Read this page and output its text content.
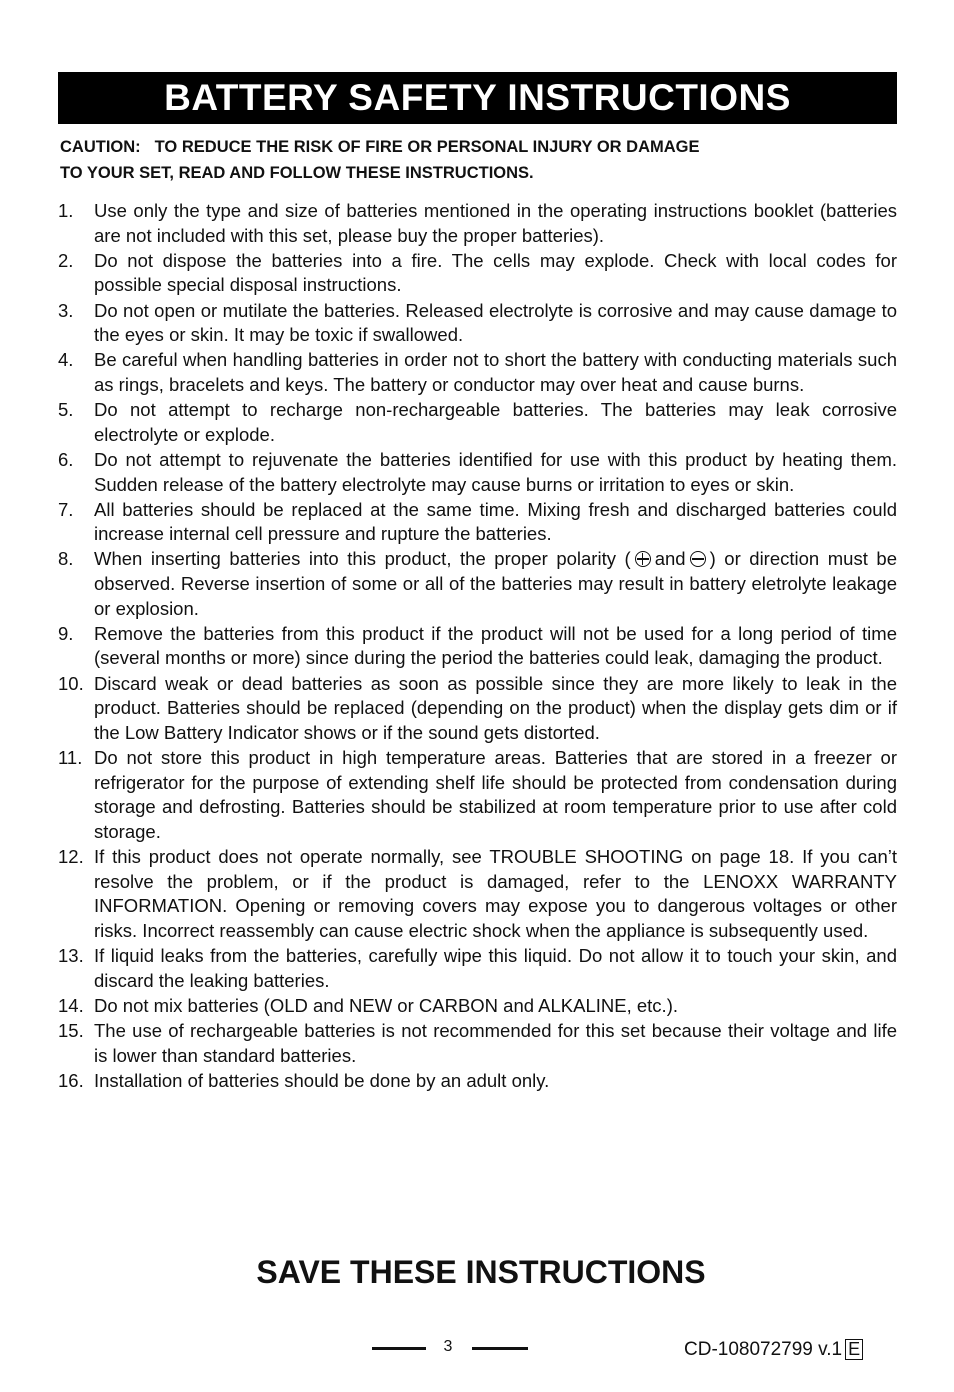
BATTERY SAFETY INSTRUCTIONS
CAUTION: TO REDUCE THE RISK OF FIRE OR PERSONAL INJURY OR DAMAGE
TO YOUR SET, READ AND FOLLOW THESE INSTRUCTIONS.
1.	Use only the type and size of batteries mentioned in the operating instructions booklet (batteries are not included with this set, please buy the proper batteries).
2.	Do not dispose the batteries into a fire. The cells may explode. Check with local codes for possible special disposal instructions.
3.	Do not open or mutilate the batteries. Released electrolyte is corrosive and may cause damage to the eyes or skin. It may be toxic if swallowed.
4.	Be careful when handling batteries in order not to short the battery with conducting materials such as rings, bracelets and keys. The battery or conductor may over heat and cause burns.
5.	Do not attempt to recharge non-rechargeable batteries. The batteries may leak corrosive electrolyte or explode.
6.	Do not attempt to rejuvenate the batteries identified for use with this product by heating them. Sudden release of the battery electrolyte may cause burns or irritation to eyes or skin.
7.	All batteries should be replaced at the same time. Mixing fresh and discharged batteries could increase internal cell pressure and rupture the batteries.
8.	When inserting batteries into this product, the proper polarity ( and ) or direction must be observed. Reverse insertion of some or all of the batteries may result in battery eletrolyte leakage or explosion.
9.	Remove the batteries from this product if the product will not be used for a long period of time (several months or more) since during the period the batteries could leak, damaging the product.
10. Discard weak or dead batteries as soon as possible since they are more likely to leak in the product. Batteries should be replaced (depending on the product) when the display gets dim or if the Low Battery Indicator shows or if the sound gets distorted.
11. Do not store this product in high temperature areas. Batteries that are stored in a freezer or refrigerator for the purpose of extending shelf life should be protected from condensation during storage and defrosting. Batteries should be stabilized at room temperature prior to use after cold storage.
12. If this product does not operate normally, see TROUBLE SHOOTING on page 18. If you can’t resolve the problem, or if the product is damaged, refer to the LENOXX WARRANTY INFORMATION. Opening or removing covers may expose you to dangerous voltages or other risks. Incorrect reassembly can cause electric shock when the appliance is subsequently used.
13. If liquid leaks from the batteries, carefully wipe this liquid. Do not allow it to touch your skin, and discard the leaking batteries.
14. Do not mix batteries (OLD and NEW or CARBON and ALKALINE, etc.).
15. The use of rechargeable batteries is not recommended for this set because their voltage and life is lower than standard batteries.
16. Installation of batteries should be done by an adult only.
SAVE THESE INSTRUCTIONS
3	CD-108072799 v.1 E
